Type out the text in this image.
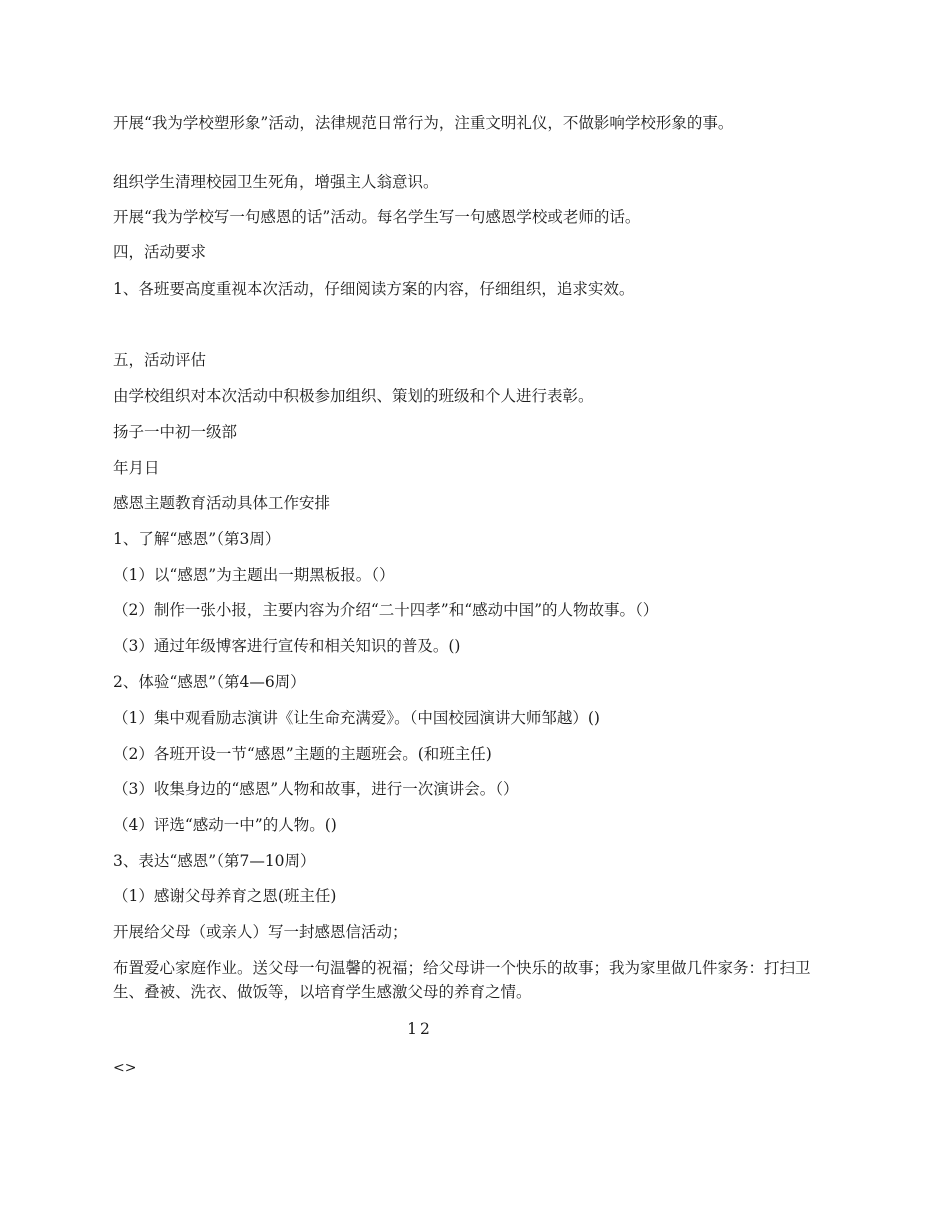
开展“我为学校塑形象”活动，法律规范日常行为，注重文明礼仪，不做影响学校形象的事。

组织学生清理校园卫生死角，增强主人翁意识。

开展“我为学校写一句感恩的话”活动。每名学生写一句感恩学校或老师的话。

四，活动要求

1、各班要高度重视本次活动，仔细阅读方案的内容，仔细组织，追求实效。

五，活动评估

由学校组织对本次活动中积极参加组织、策划的班级和个人进行表彰。

扬子一中初一级部

年月日

感恩主题教育活动具体工作安排

1、了解“感恩”（第3周）

（1）以“感恩”为主题出一期黑板报。（）

（2）制作一张小报，主要内容为介绍“二十四孝”和“感动中国”的人物故事。（）

（3）通过年级博客进行宣传和相关知识的普及。()

2、体验“感恩”（第4—6周）

（1）集中观看励志演讲《让生命充满爱》。（中国校园演讲大师邹越）()

（2）各班开设一节“感恩”主题的主题班会。(和班主任)

（3）收集身边的“感恩”人物和故事，进行一次演讲会。（）

（4）评选“感动一中”的人物。()

3、表达“感恩”（第7—10周）

（1）感谢父母养育之恩(班主任)

开展给父母（或亲人）写一封感恩信活动；

布置爱心家庭作业。送父母一句温馨的祝福；给父母讲一个快乐的故事；我为家里做几件家务：打扫卫生、叠被、洗衣、做饭等，以培育学生感激父母的养育之情。

12
<>
